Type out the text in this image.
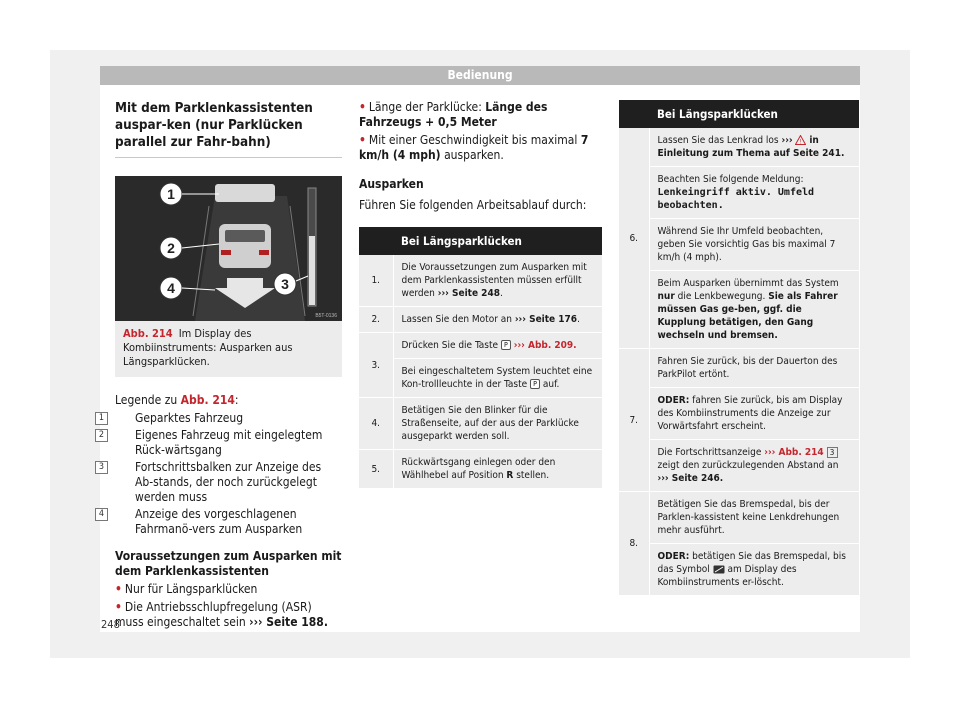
Bedienung
Mit dem Parklenkassistenten auspar-ken (nur Parklücken parallel zur Fahr-bahn)
1
2
4	3
B5T-0136
Abb. 214 Im Display des Kombiinstruments: Ausparken aus Längsparklücken.
Legende zu Abb. 214:
1	Geparktes Fahrzeug
2	Eigenes Fahrzeug mit eingelegtem Rück-wärtsgang
3	Fortschrittsbalken zur Anzeige des Ab-stands, der noch zurückgelegt werden muss
4	Anzeige des vorgeschlagenen Fahrmanö-vers zum Ausparken
Voraussetzungen zum Ausparken mit dem Parklenkassistenten
• Nur für Längsparklücken
• Die Antriebsschlupfregelung (ASR) muss eingeschaltet sein ››› Seite 188.
• Länge der Parklücke: Länge des Fahrzeugs + 0,5 Meter
• Mit einer Geschwindigkeit bis maximal 7 km/h (4 mph) ausparken.
Ausparken
Führen Sie folgenden Arbeitsablauf durch:
	Bei Längsparklücken
1.	Die Voraussetzungen zum Ausparken mit dem Parklenkassistenten müssen erfüllt werden ››› Seite 248.
2.	Lassen Sie den Motor an ››› Seite 176.
3.	Drücken Sie die Taste P ››› Abb. 209.
	Bei eingeschaltetem System leuchtet eine Kon-trollleuchte in der Taste P auf.
4.	Betätigen Sie den Blinker für die Straßenseite, auf der aus der Parklücke ausgeparkt werden soll.
5.	Rückwärtsgang einlegen oder den Wählhebel auf Position R stellen.
	Bei Längsparklücken
6.	Lassen Sie das Lenkrad los ››› ! in Einleitung zum Thema auf Seite 241.
	Beachten Sie folgende Meldung: Lenkeingriff aktiv. Umfeld beobachten.
	Während Sie Ihr Umfeld beobachten, geben Sie vorsichtig Gas bis maximal 7 km/h (4 mph).
	Beim Ausparken übernimmt das System nur die Lenkbewegung. Sie als Fahrer müssen Gas ge-ben, ggf. die Kupplung betätigen, den Gang wechseln und bremsen.
7.	Fahren Sie zurück, bis der Dauerton des ParkPilot ertönt.
	ODER: fahren Sie zurück, bis am Display des Kombiinstruments die Anzeige zur Vorwärtsfahrt erscheint.
	Die Fortschrittsanzeige ››› Abb. 214 3 zeigt den zurückzulegenden Abstand an ››› Seite 246.
8.	Betätigen Sie das Bremspedal, bis der Parklen-kassistent keine Lenkdrehungen mehr ausführt.
	ODER: betätigen Sie das Bremspedal, bis das Symbol am Display des Kombiinstruments er-löscht.
248
